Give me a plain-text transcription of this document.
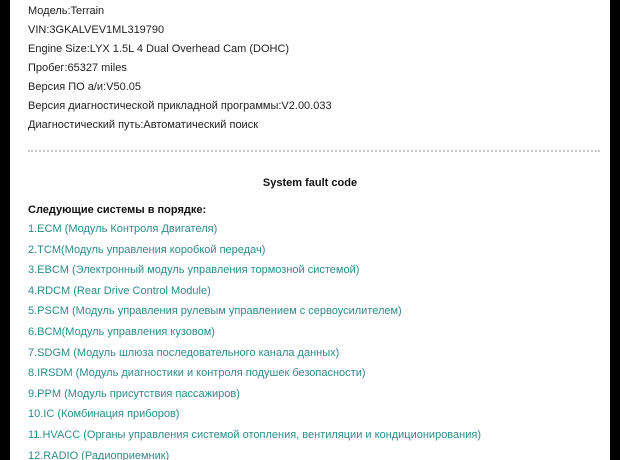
Модель:Terrain
VIN:3GKALVEV1ML319790
Engine Size:LYX 1.5L 4 Dual Overhead Cam (DOHC)
Пробег:65327 miles
Версия ПО a/и:V50.05
Версия диагностической прикладной программы:V2.00.033
Диагностический путь:Автоматический поиск
System fault code
Следующие системы в порядке:
1.ECM (Модуль Контроля Двигателя)
2.TCM(Модуль управления коробкой передач)
3.EBCM (Электронный модуль управления тормозной системой)
4.RDCM (Rear Drive Control Module)
5.PSCM (Модуль управления рулевым управлением с сервоусилителем)
6.BCM(Модуль управления кузовом)
7.SDGM (Модуль шлюза последовательного канала данных)
8.IRSDM (Модуль диагностики и контроля подушек безопасности)
9.PPM (Модуль присутствия пассажиров)
10.IC (Комбинация приборов)
11.HVACC (Органы управления системой отопления, вентиляции и кондиционирования)
12.RADIO (Радиоприемник)
